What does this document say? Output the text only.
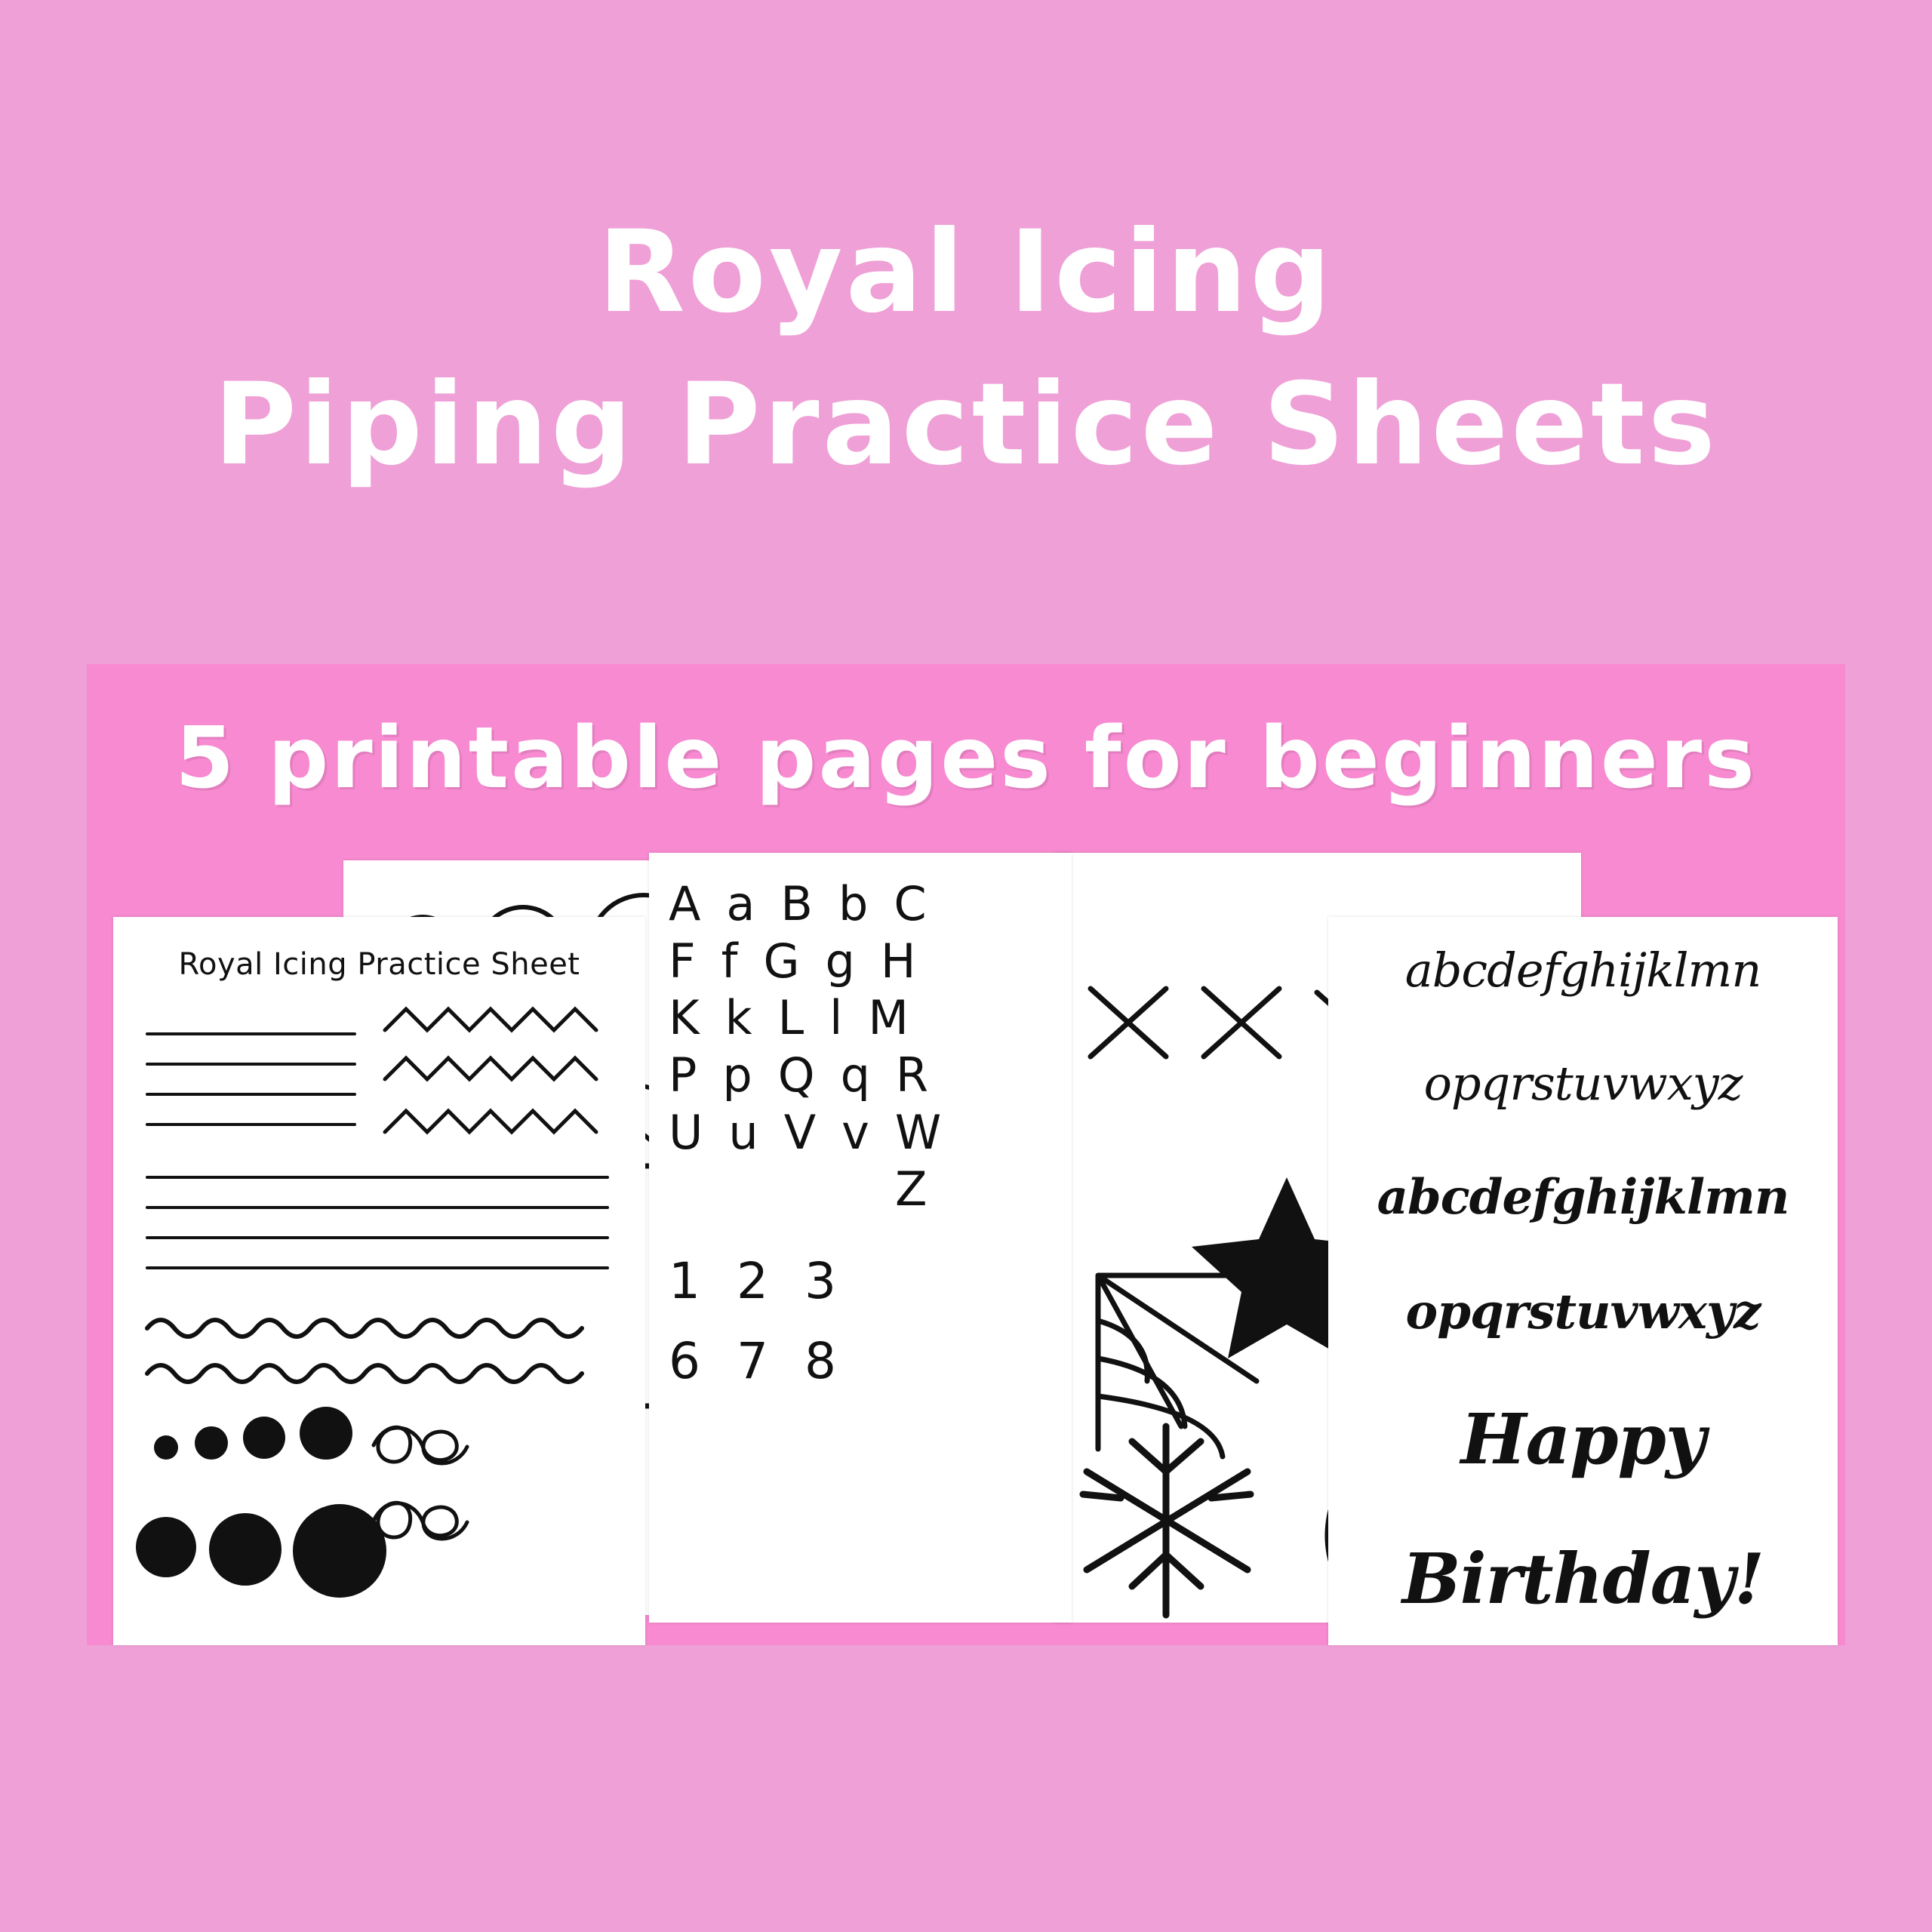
Royal Icing
Piping Practice Sheets
5 printable pages for beginners
A a B b C
F f G g H
K k L l M
P p Q q R
U u V v W
Z
1 2 3
6 7 8
Royal Icing Practice Sheet	abcdefghijklmn
opqrstuvwxyz
abcdefghijklmn
opqrstuvwxyz
Happy
Birthday!
